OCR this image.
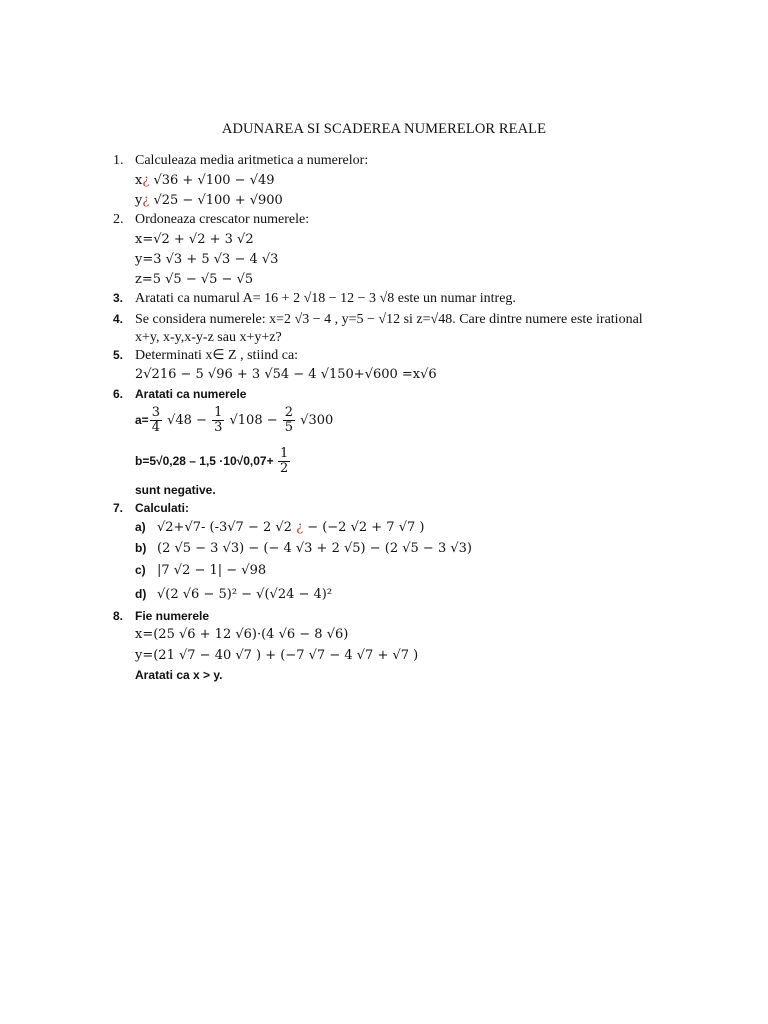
ADUNAREA SI SCADEREA NUMERELOR REALE
1. Calculeaza media aritmetica a numerelor:
x¿ √36 + √100 − √49
y¿ √25 − √100 + √900
2. Ordoneaza crescator numerele:
x=√2 + √2 + 3 √2
y=3 √3 + 5 √3 − 4 √3
z=5 √5 − √5 − √5
3. Aratati ca numarul A= 16 + 2 √18 − 12 − 3 √8 este un numar intreg.
4. Se considera numerele: x=2 √3 − 4 , y=5 − √12 si z=√48. Care dintre numere este irational
x+y, x-y,x-y-z sau x+y+z?
5. Determinati x∈ Z , stiind ca:
2√216 − 5 √96 + 3 √54 − 4 √150+√600 =x√6
6. Aratati ca numerele
$a= \frac{3}{4} √48 - \frac{1}{3} √108 - \frac{2}{5} √300$
$b=5√0,28 - 1,5 \cdot 10√0,07+ \frac{1}{2}$
sunt negative.
7. Calculati:
a) √2+√7- (-3√7 − 2 √2 ¿ − (−2 √2 + 7 √7 )
b) (2 √5 − 3 √3) − (− 4 √3 + 2 √5) − (2 √5 − 3 √3)
c) |7 √2 − 1| − √98
d) √(2 √6 − 5)² − √(√24 − 4)²
8. Fie numerele
x=(25 √6 + 12 √6)·(4 √6 − 8 √6)
y=(21 √7 − 40 √7 ) + (−7 √7 − 4 √7 + √7 )
Aratati ca x > y.
